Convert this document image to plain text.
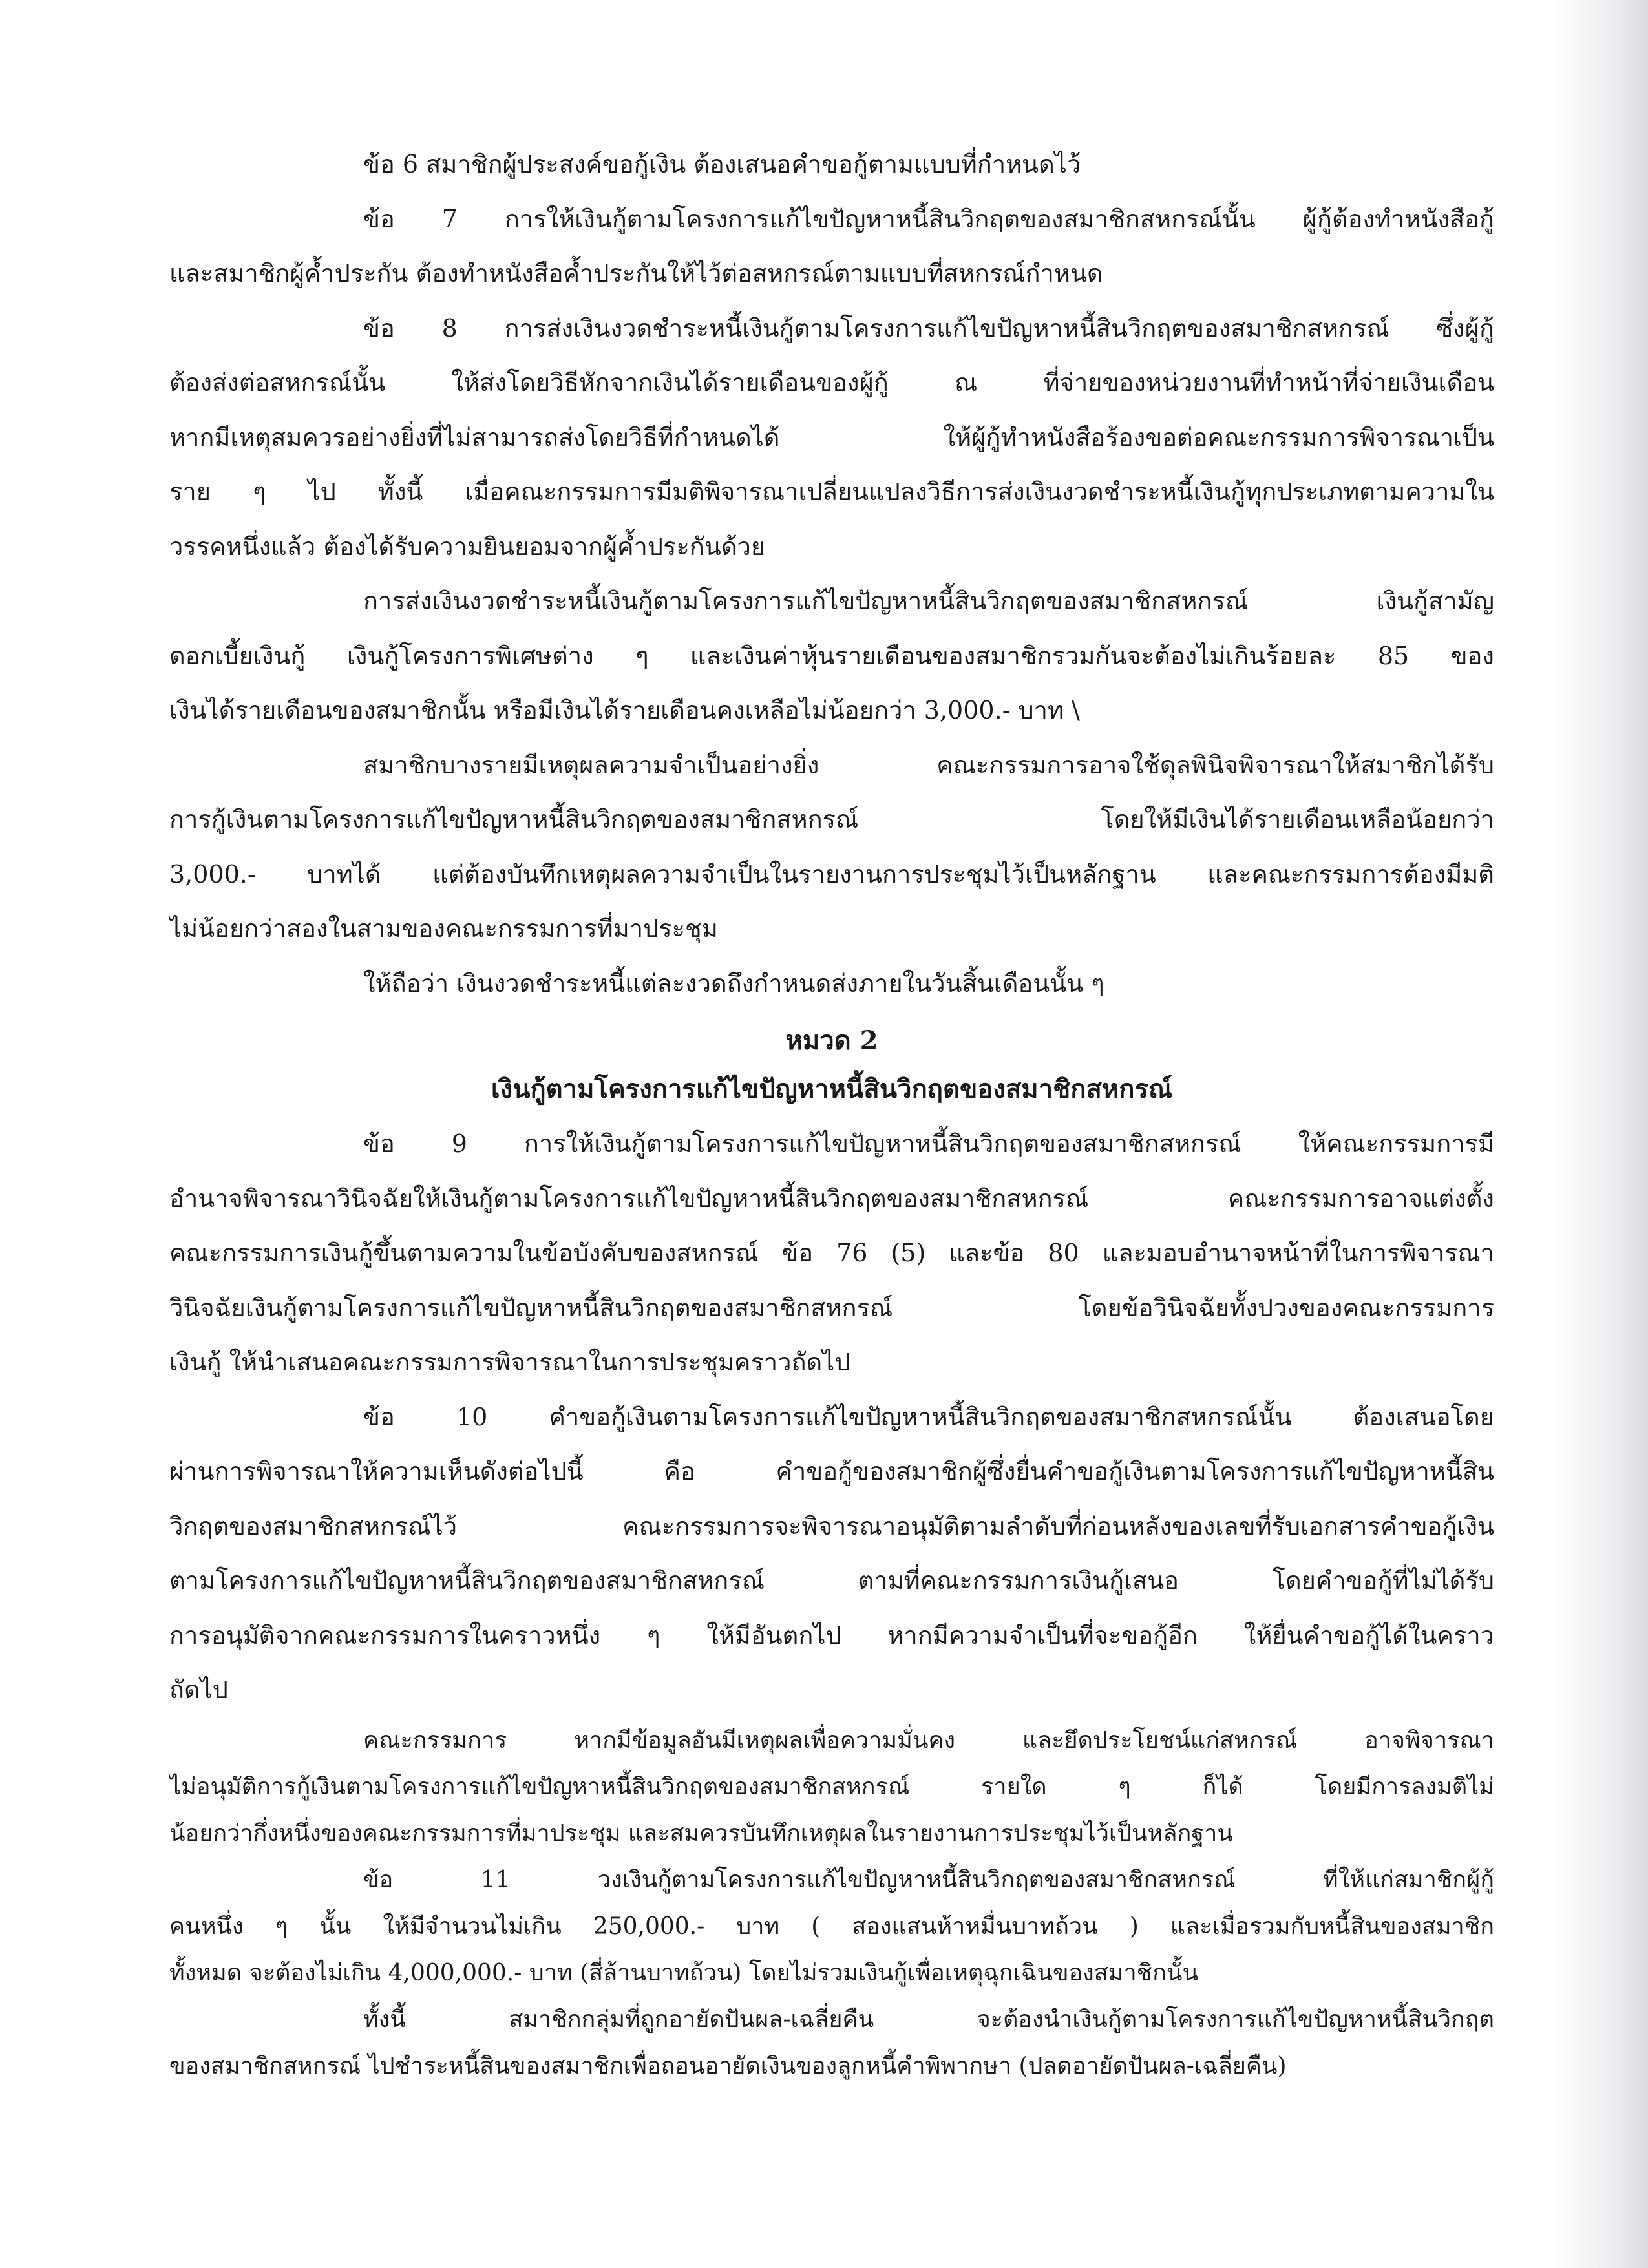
ข้อ 6 สมาชิกผู้ประสงค์ขอกู้เงิน ต้องเสนอคำขอกู้ตามแบบที่กำหนดไว้
ข้อ 7 การให้เงินกู้ตามโครงการแก้ไขปัญหาหนี้สินวิกฤตของสมาชิกสหกรณ์นั้น ผู้กู้ต้องทำหนังสือกู้
และสมาชิกผู้ค้ำประกัน ต้องทำหนังสือค้ำประกันให้ไว้ต่อสหกรณ์ตามแบบที่สหกรณ์กำหนด
ข้อ 8 การส่งเงินงวดชำระหนี้เงินกู้ตามโครงการแก้ไขปัญหาหนี้สินวิกฤตของสมาชิกสหกรณ์ ซึ่งผู้กู้
ต้องส่งต่อสหกรณ์นั้น ให้ส่งโดยวิธีหักจากเงินได้รายเดือนของผู้กู้ ณ ที่จ่ายของหน่วยงานที่ทำหน้าที่จ่ายเงินเดือน
หากมีเหตุสมควรอย่างยิ่งที่ไม่สามารถส่งโดยวิธีที่กำหนดได้ ให้ผู้กู้ทำหนังสือร้องขอต่อคณะกรรมการพิจารณาเป็น
ราย ๆ ไป ทั้งนี้ เมื่อคณะกรรมการมีมติพิจารณาเปลี่ยนแปลงวิธีการส่งเงินงวดชำระหนี้เงินกู้ทุกประเภทตามความใน
วรรคหนึ่งแล้ว ต้องได้รับความยินยอมจากผู้ค้ำประกันด้วย
การส่งเงินงวดชำระหนี้เงินกู้ตามโครงการแก้ไขปัญหาหนี้สินวิกฤตของสมาชิกสหกรณ์ เงินกู้สามัญ
ดอกเบี้ยเงินกู้ เงินกู้โครงการพิเศษต่าง ๆ และเงินค่าหุ้นรายเดือนของสมาชิกรวมกันจะต้องไม่เกินร้อยละ 85 ของ
เงินได้รายเดือนของสมาชิกนั้น หรือมีเงินได้รายเดือนคงเหลือไม่น้อยกว่า 3,000.- บาท \
สมาชิกบางรายมีเหตุผลความจำเป็นอย่างยิ่ง คณะกรรมการอาจใช้ดุลพินิจพิจารณาให้สมาชิกได้รับ
การกู้เงินตามโครงการแก้ไขปัญหาหนี้สินวิกฤตของสมาชิกสหกรณ์ โดยให้มีเงินได้รายเดือนเหลือน้อยกว่า
3,000.- บาทได้ แต่ต้องบันทึกเหตุผลความจำเป็นในรายงานการประชุมไว้เป็นหลักฐาน และคณะกรรมการต้องมีมติ
ไม่น้อยกว่าสองในสามของคณะกรรมการที่มาประชุม
ให้ถือว่า เงินงวดชำระหนี้แต่ละงวดถึงกำหนดส่งภายในวันสิ้นเดือนนั้น ๆ
หมวด 2
เงินกู้ตามโครงการแก้ไขปัญหาหนี้สินวิกฤตของสมาชิกสหกรณ์
ข้อ 9 การให้เงินกู้ตามโครงการแก้ไขปัญหาหนี้สินวิกฤตของสมาชิกสหกรณ์ ให้คณะกรรมการมี
อำนาจพิจารณาวินิจฉัยให้เงินกู้ตามโครงการแก้ไขปัญหาหนี้สินวิกฤตของสมาชิกสหกรณ์ คณะกรรมการอาจแต่งตั้ง
คณะกรรมการเงินกู้ขึ้นตามความในข้อบังคับของสหกรณ์ ข้อ 76 (5) และข้อ 80 และมอบอำนาจหน้าที่ในการพิจารณา
วินิจฉัยเงินกู้ตามโครงการแก้ไขปัญหาหนี้สินวิกฤตของสมาชิกสหกรณ์ โดยข้อวินิจฉัยทั้งปวงของคณะกรรมการ
เงินกู้ ให้นำเสนอคณะกรรมการพิจารณาในการประชุมคราวถัดไป
ข้อ 10 คำขอกู้เงินตามโครงการแก้ไขปัญหาหนี้สินวิกฤตของสมาชิกสหกรณ์นั้น ต้องเสนอโดย
ผ่านการพิจารณาให้ความเห็นดังต่อไปนี้ คือ คำขอกู้ของสมาชิกผู้ซึ่งยื่นคำขอกู้เงินตามโครงการแก้ไขปัญหาหนี้สิน
วิกฤตของสมาชิกสหกรณ์ไว้ คณะกรรมการจะพิจารณาอนุมัติตามลำดับที่ก่อนหลังของเลขที่รับเอกสารคำขอกู้เงิน
ตามโครงการแก้ไขปัญหาหนี้สินวิกฤตของสมาชิกสหกรณ์ ตามที่คณะกรรมการเงินกู้เสนอ โดยคำขอกู้ที่ไม่ได้รับ
การอนุมัติจากคณะกรรมการในคราวหนึ่ง ๆ ให้มีอันตกไป หากมีความจำเป็นที่จะขอกู้อีก ให้ยื่นคำขอกู้ได้ในคราว
ถัดไป
คณะกรรมการ หากมีข้อมูลอันมีเหตุผลเพื่อความมั่นคง และยึดประโยชน์แก่สหกรณ์ อาจพิจารณา
ไม่อนุมัติการกู้เงินตามโครงการแก้ไขปัญหาหนี้สินวิกฤตของสมาชิกสหกรณ์ รายใด ๆ ก็ได้ โดยมีการลงมติไม่
น้อยกว่ากึ่งหนึ่งของคณะกรรมการที่มาประชุม และสมควรบันทึกเหตุผลในรายงานการประชุมไว้เป็นหลักฐาน
ข้อ 11 วงเงินกู้ตามโครงการแก้ไขปัญหาหนี้สินวิกฤตของสมาชิกสหกรณ์ ที่ให้แก่สมาชิกผู้กู้
คนหนึ่ง ๆ นั้น ให้มีจำนวนไม่เกิน 250,000.- บาท ( สองแสนห้าหมื่นบาทถ้วน ) และเมื่อรวมกับหนี้สินของสมาชิก
ทั้งหมด จะต้องไม่เกิน 4,000,000.- บาท (สี่ล้านบาทถ้วน) โดยไม่รวมเงินกู้เพื่อเหตุฉุกเฉินของสมาชิกนั้น
ทั้งนี้ สมาชิกกลุ่มที่ถูกอายัดปันผล-เฉลี่ยคืน จะต้องนำเงินกู้ตามโครงการแก้ไขปัญหาหนี้สินวิกฤต
ของสมาชิกสหกรณ์ ไปชำระหนี้สินของสมาชิกเพื่อถอนอายัดเงินของลูกหนี้คำพิพากษา (ปลดอายัดปันผล-เฉลี่ยคืน)
